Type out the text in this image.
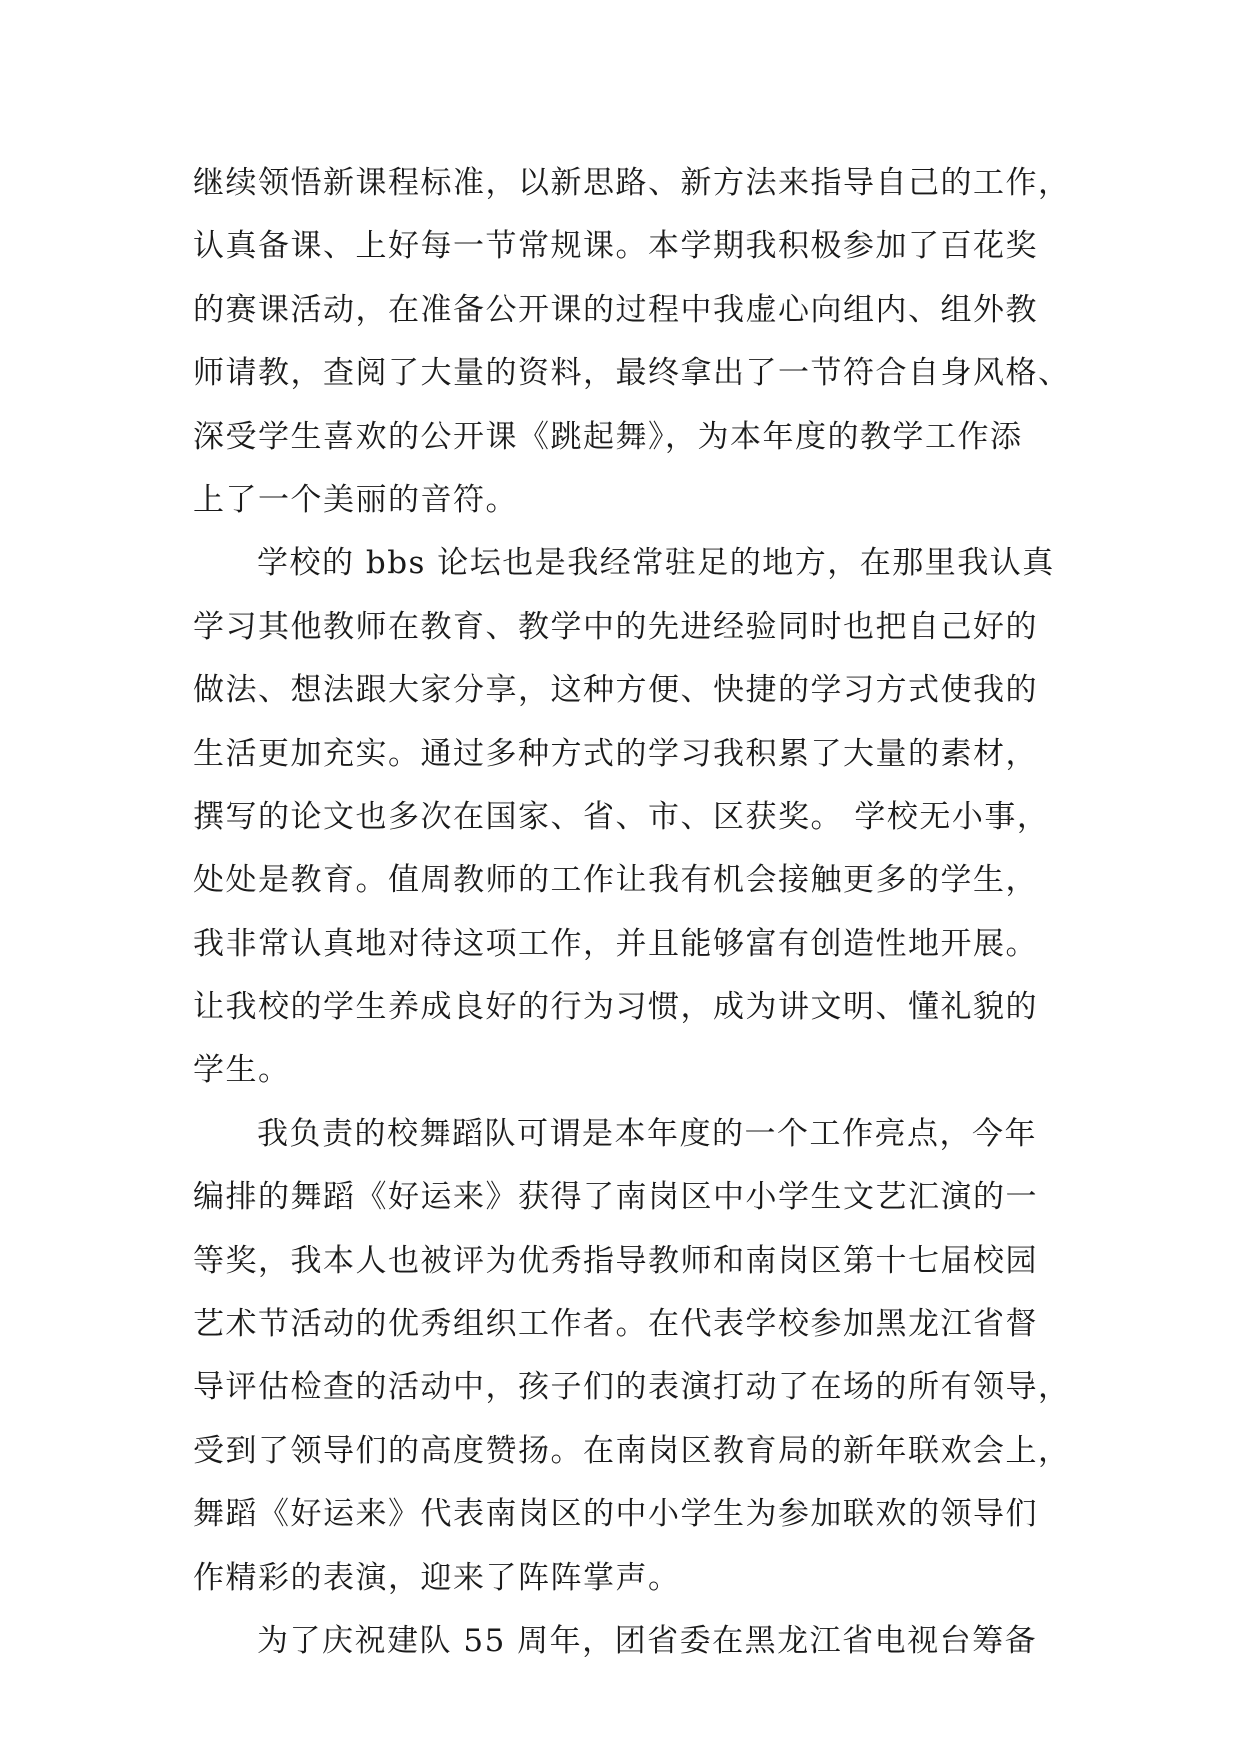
继续领悟新课程标准，以新思路、新方法来指导自己的工作，
认真备课、上好每一节常规课。本学期我积极参加了百花奖
的赛课活动，在准备公开课的过程中我虚心向组内、组外教
师请教，查阅了大量的资料，最终拿出了一节符合自身风格、
深受学生喜欢的公开课《跳起舞》，为本年度的教学工作添
上了一个美丽的音符。
学校的 bbs 论坛也是我经常驻足的地方，在那里我认真
学习其他教师在教育、教学中的先进经验同时也把自己好的
做法、想法跟大家分享，这种方便、快捷的学习方式使我的
生活更加充实。通过多种方式的学习我积累了大量的素材，
撰写的论文也多次在国家、省、市、区获奖。 学校无小事，
处处是教育。值周教师的工作让我有机会接触更多的学生，
我非常认真地对待这项工作，并且能够富有创造性地开展。
让我校的学生养成良好的行为习惯，成为讲文明、懂礼貌的
学生。
我负责的校舞蹈队可谓是本年度的一个工作亮点，今年
编排的舞蹈《好运来》获得了南岗区中小学生文艺汇演的一
等奖，我本人也被评为优秀指导教师和南岗区第十七届校园
艺术节活动的优秀组织工作者。在代表学校参加黑龙江省督
导评估检查的活动中，孩子们的表演打动了在场的所有领导，
受到了领导们的高度赞扬。在南岗区教育局的新年联欢会上，
舞蹈《好运来》代表南岗区的中小学生为参加联欢的领导们
作精彩的表演，迎来了阵阵掌声。
为了庆祝建队 55 周年，团省委在黑龙江省电视台筹备
